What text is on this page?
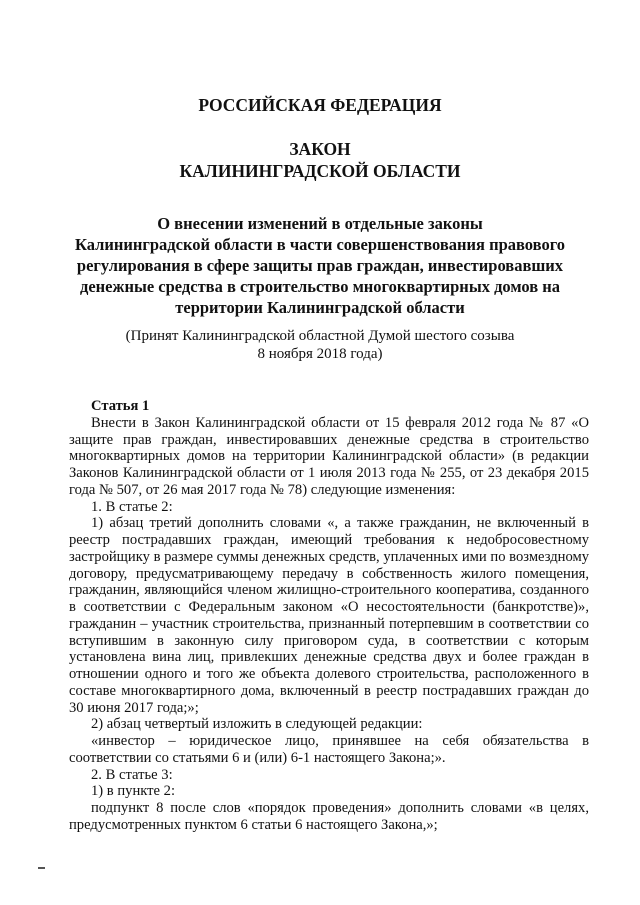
РОССИЙСКАЯ ФЕДЕРАЦИЯ
ЗАКОН
КАЛИНИНГРАДСКОЙ ОБЛАСТИ
О внесении изменений в отдельные законы
Калининградской области в части совершенствования правового
регулирования в сфере защиты прав граждан, инвестировавших
денежные средства в строительство многоквартирных домов на
территории Калининградской области
(Принят Калининградской областной Думой шестого созыва
8 ноября 2018 года)

Статья 1

Внести в Закон Калининградской области от 15 февраля 2012 года № 87 «О защите прав граждан, инвестировавших денежные средства в строительство многоквартирных домов на территории Калининградской области» (в редакции Законов Калининградской области от 1 июля 2013 года № 255, от 23 декабря 2015 года № 507, от 26 мая 2017 года № 78) следующие изменения:

1. В статье 2:

1) абзац третий дополнить словами «, а также гражданин, не включенный в реестр пострадавших граждан, имеющий требования к недобросовестному застройщику в размере суммы денежных средств, уплаченных ими по возмездному договору, предусматривающему передачу в собственность жилого помещения, гражданин, являющийся членом жилищно-строительного кооператива, созданного в соответствии с Федеральным законом «О несостоятельности (банкротстве)», гражданин – участник строительства, признанный потерпевшим в соответствии со вступившим в законную силу приговором суда, в соответствии с которым установлена вина лиц, привлекших денежные средства двух и более граждан в отношении одного и того же объекта долевого строительства, расположенного в составе многоквартирного дома, включенный в реестр пострадавших граждан до 30 июня 2017 года;»;

2) абзац четвертый изложить в следующей редакции:

«инвестор – юридическое лицо, принявшее на себя обязательства в соответствии со статьями 6 и (или) 6-1 настоящего Закона;».

2. В статье 3:

1) в пункте 2:

подпункт 8 после слов «порядок проведения» дополнить словами «в целях, предусмотренных пунктом 6 статьи 6 настоящего Закона,»;
